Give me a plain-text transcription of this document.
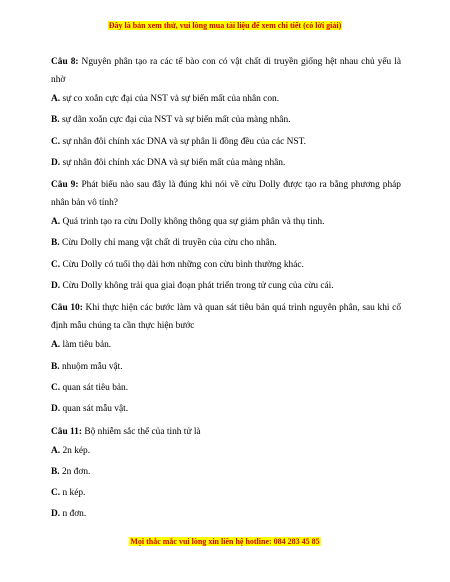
Đây là bản xem thử, vui lòng mua tài liệu để xem chi tiết (có lời giải)

Câu 8: Nguyên phân tạo ra các tế bào con có vật chất di truyền giống hệt nhau chủ yếu là nhờ

A. sự co xoắn cực đại của NST và sự biến mất của nhân con.

B. sự dãn xoắn cực đại của NST và sự biến mất của màng nhân.

C. sự nhân đôi chính xác DNA và sự phân li đồng đều của các NST.

D. sự nhân đôi chính xác DNA và sự biến mất của màng nhân.

Câu 9: Phát biểu nào sau đây là đúng khi nói về cừu Dolly được tạo ra bằng phương pháp nhân bản vô tính?

A. Quá trình tạo ra cừu Dolly không thông qua sự giảm phân và thụ tinh.

B. Cừu Dolly chỉ mang vật chất di truyền của cừu cho nhân.

C. Cừu Dolly có tuổi thọ dài hơn những con cừu bình thường khác.

D. Cừu Dolly không trải qua giai đoạn phát triển trong tử cung của cừu cái.

Câu 10: Khi thực hiện các bước làm và quan sát tiêu bản quá trình nguyên phân, sau khi cố định mẫu chúng ta cần thực hiện bước

A. làm tiêu bản.

B. nhuộm mẫu vật.

C. quan sát tiêu bản.

D. quan sát mẫu vật.

Câu 11: Bộ nhiễm sắc thể của tinh tử là

A. 2n kép.

B. 2n đơn.

C. n kép.

D. n đơn.

Mọi thắc mắc vui lòng xin liên hệ hotline: 084 283 45 85
